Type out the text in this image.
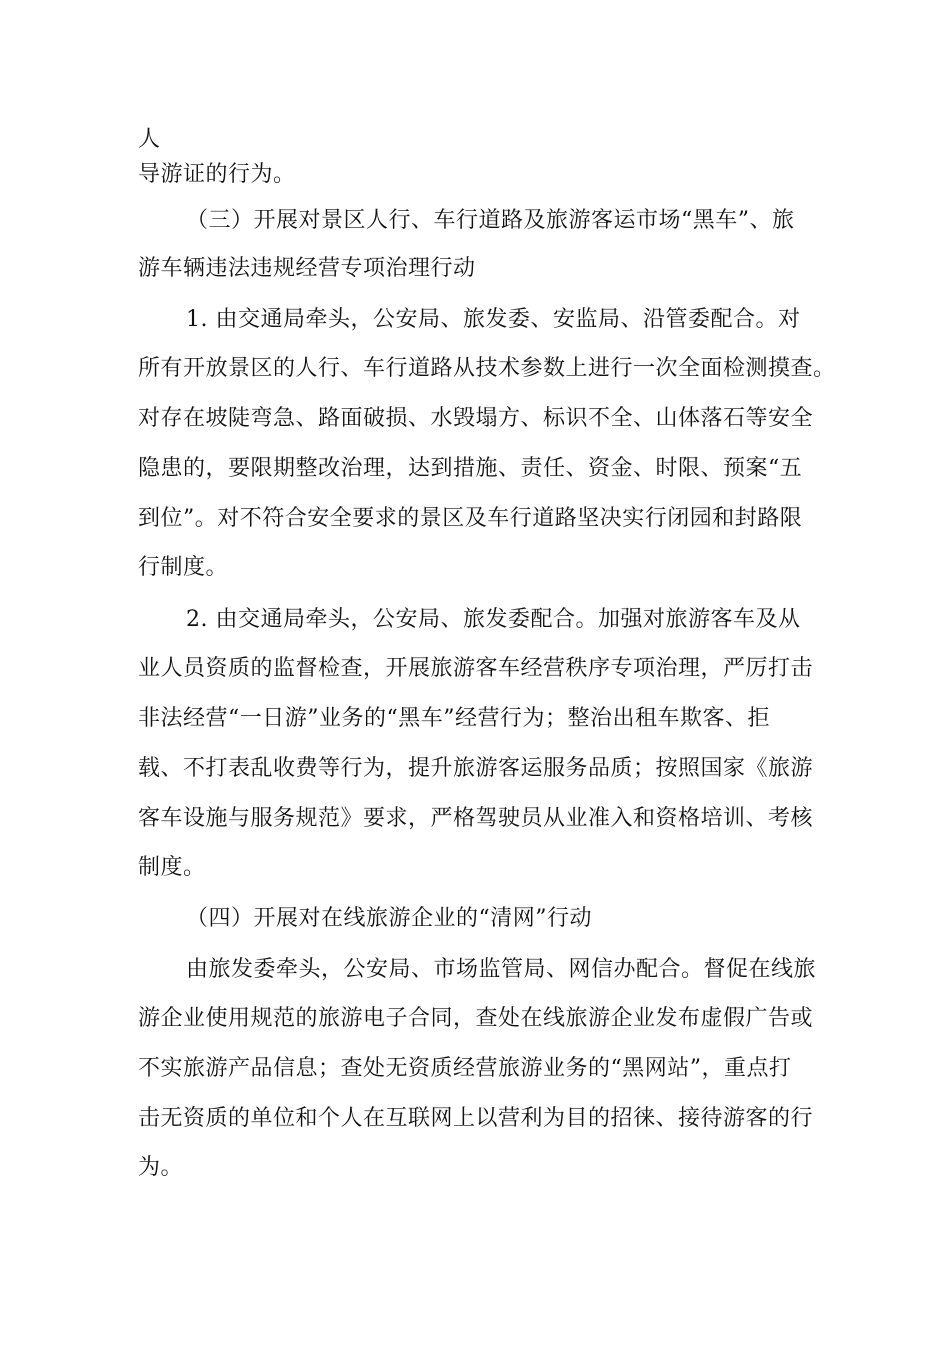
人
导游证的行为。
（三）开展对景区人行、车行道路及旅游客运市场“黑车”、旅
游车辆违法违规经营专项治理行动
1. 由交通局牵头，公安局、旅发委、安监局、沿管委配合。对
所有开放景区的人行、车行道路从技术参数上进行一次全面检测摸查。
对存在坡陡弯急、路面破损、水毁塌方、标识不全、山体落石等安全
隐患的，要限期整改治理，达到措施、责任、资金、时限、预案“五
到位”。对不符合安全要求的景区及车行道路坚决实行闭园和封路限
行制度。
2. 由交通局牵头，公安局、旅发委配合。加强对旅游客车及从
业人员资质的监督检查，开展旅游客车经营秩序专项治理，严厉打击
非法经营“一日游”业务的“黑车”经营行为；整治出租车欺客、拒
载、不打表乱收费等行为，提升旅游客运服务品质；按照国家《旅游
客车设施与服务规范》要求，严格驾驶员从业准入和资格培训、考核
制度。
（四）开展对在线旅游企业的“清网”行动
由旅发委牵头，公安局、市场监管局、网信办配合。督促在线旅
游企业使用规范的旅游电子合同，查处在线旅游企业发布虚假广告或
不实旅游产品信息；查处无资质经营旅游业务的“黑网站”，重点打
击无资质的单位和个人在互联网上以营利为目的招徕、接待游客的行
为。
